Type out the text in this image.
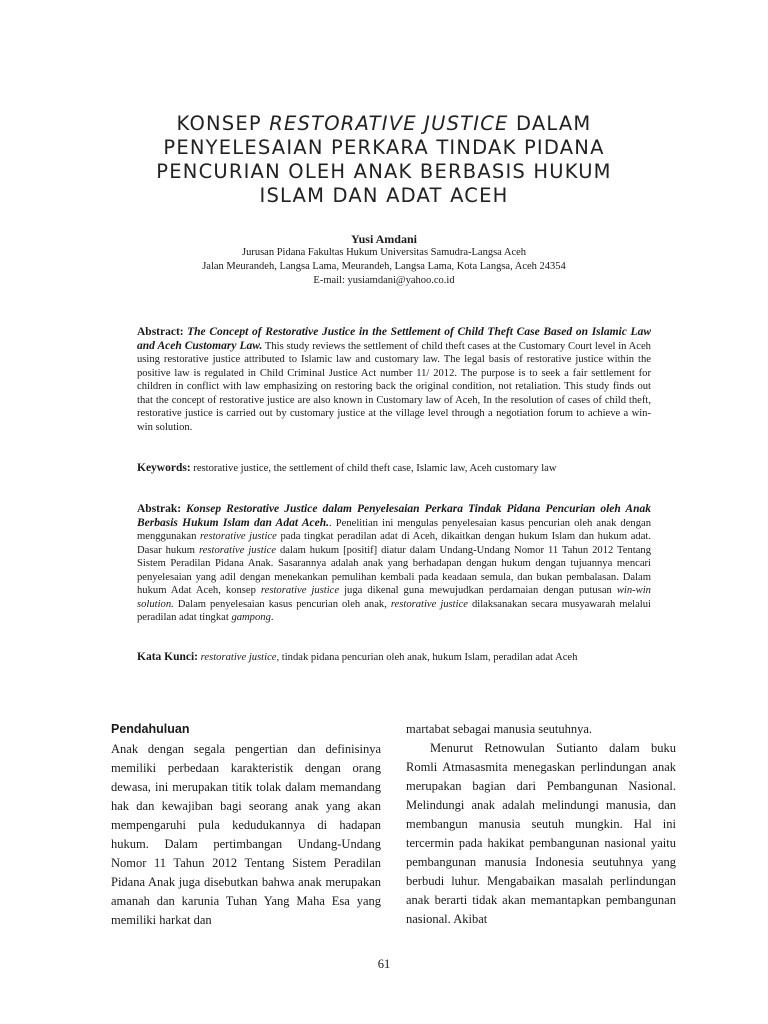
KONSEP RESTORATIVE JUSTICE DALAM
PENYELESAIAN PERKARA TINDAK PIDANA
PENCURIAN OLEH ANAK BERBASIS HUKUM
ISLAM DAN ADAT ACEH
Yusi Amdani
Jurusan Pidana Fakultas Hukum Universitas Samudra-Langsa Aceh
Jalan Meurandeh, Langsa Lama, Meurandeh, Langsa Lama, Kota Langsa, Aceh 24354
E-mail: yusiamdani@yahoo.co.id
Abstract: The Concept of Restorative Justice in the Settlement of Child Theft Case Based on Islamic Law and Aceh Customary Law. This study reviews the settlement of child theft cases at the Customary Court level in Aceh using restorative justice attributed to Islamic law and customary law. The legal basis of restorative justice within the positive law is regulated in Child Criminal Justice Act number 11/ 2012. The purpose is to seek a fair settlement for children in conflict with law emphasizing on restoring back the original condition, not retaliation. This study finds out that the concept of restorative justice are also known in Customary law of Aceh, In the resolution of cases of child theft, restorative justice is carried out by customary justice at the village level through a negotiation forum to achieve a win-win solution.
Keywords: restorative justice, the settlement of child theft case, Islamic law, Aceh customary law
Abstrak: Konsep Restorative Justice dalam Penyelesaian Perkara Tindak Pidana Pencurian oleh Anak Berbasis Hukum Islam dan Adat Aceh.. Penelitian ini mengulas penyelesaian kasus pencurian oleh anak dengan menggunakan restorative justice pada tingkat peradilan adat di Aceh, dikaitkan dengan hukum Islam dan hukum adat. Dasar hukum restorative justice dalam hukum [positif] diatur dalam Undang-Undang Nomor 11 Tahun 2012 Tentang Sistem Peradilan Pidana Anak. Sasarannya adalah anak yang berhadapan dengan hukum dengan tujuannya mencari penyelesaian yang adil dengan menekankan pemulihan kembali pada keadaan semula, dan bukan pembalasan. Dalam hukum Adat Aceh, konsep restorative justice juga dikenal guna mewujudkan perdamaian dengan putusan win-win solution. Dalam penyelesaian kasus pencurian oleh anak, restorative justice dilaksanakan secara musyawarah melalui peradilan adat tingkat gampong.
Kata Kunci: restorative justice, tindak pidana pencurian oleh anak, hukum Islam, peradilan adat Aceh
Pendahuluan
Anak dengan segala pengertian dan definisinya memiliki perbedaan karakteristik dengan orang dewasa, ini merupakan titik tolak dalam memandang hak dan kewajiban bagi seorang anak yang akan mempengaruhi pula kedudukannya di hadapan hukum. Dalam pertimbangan Undang-Undang Nomor 11 Tahun 2012 Tentang Sistem Peradilan Pidana Anak juga disebutkan bahwa anak merupakan amanah dan karunia Tuhan Yang Maha Esa yang memiliki harkat dan
martabat sebagai manusia seutuhnya.
Menurut Retnowulan Sutianto dalam buku Romli Atmasasmita menegaskan perlindungan anak merupakan bagian dari Pembangunan Nasional. Melindungi anak adalah melindungi manusia, dan membangun manusia seutuh mungkin. Hal ini tercermin pada hakikat pembangunan nasional yaitu pembangunan manusia Indonesia seutuhnya yang berbudi luhur. Mengabaikan masalah perlindungan anak berarti tidak akan memantapkan pembangunan nasional. Akibat
61
